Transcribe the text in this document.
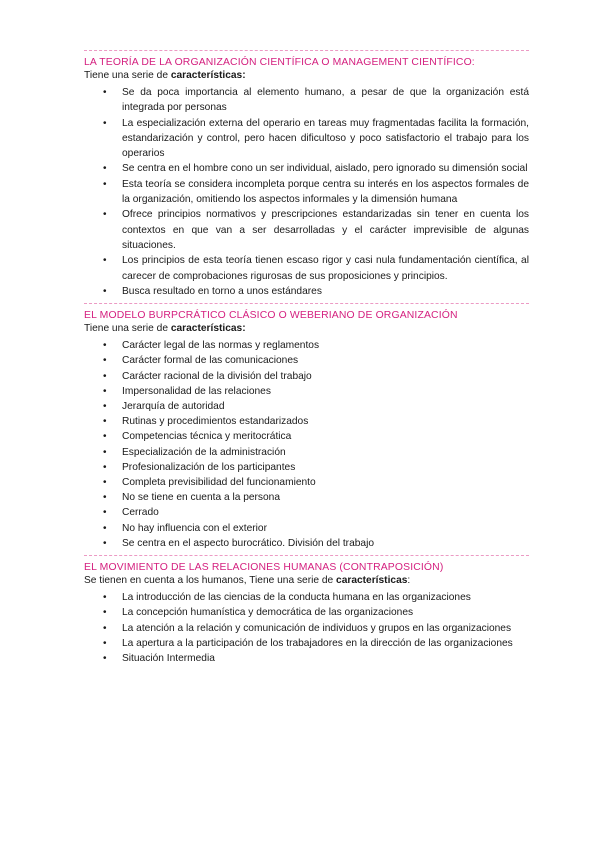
LA TEORÍA DE LA ORGANIZACIÓN CIENTÍFICA O MANAGEMENT CIENTÍFICO:

Tiene una serie de características:

• Se da poca importancia al elemento humano, a pesar de que la organización está integrada por personas
• La especialización externa del operario en tareas muy fragmentadas facilita la formación, estandarización y control, pero hacen dificultoso y poco satisfactorio el trabajo para los operarios
• Se centra en el hombre cono un ser individual, aislado, pero ignorado su dimensión social
• Esta teoría se considera incompleta porque centra su interés en los aspectos formales de la organización, omitiendo los aspectos informales y la dimensión humana
• Ofrece principios normativos y prescripciones estandarizadas sin tener en cuenta los contextos en que van a ser desarrolladas y el carácter imprevisible de algunas situaciones.
• Los principios de esta teoría tienen escaso rigor y casi nula fundamentación científica, al carecer de comprobaciones rigurosas de sus proposiciones y principios.
• Busca resultado en torno a unos estándares

EL MODELO BURPCRÁTICO CLÁSICO O WEBERIANO DE ORGANIZACIÓN

Tiene una serie de características:

• Carácter legal de las normas y reglamentos
• Carácter formal de las comunicaciones
• Carácter racional de la división del trabajo
• Impersonalidad de las relaciones
• Jerarquía de autoridad
• Rutinas y procedimientos estandarizados
• Competencias técnica y meritocrática
• Especialización de la administración
• Profesionalización de los participantes
• Completa previsibilidad del funcionamiento
• No se tiene en cuenta a la persona
• Cerrado
• No hay influencia con el exterior
• Se centra en el aspecto burocrático. División del trabajo

EL MOVIMIENTO DE LAS RELACIONES HUMANAS (CONTRAPOSICIÓN)

Se tienen en cuenta a los humanos, Tiene una serie de características:

• La introducción de las ciencias de la conducta humana en las organizaciones
• La concepción humanística y democrática de las organizaciones
• La atención a la relación y comunicación de individuos y grupos en las organizaciones
• La apertura a la participación de los trabajadores en la dirección de las organizaciones
• Situación Intermedia
